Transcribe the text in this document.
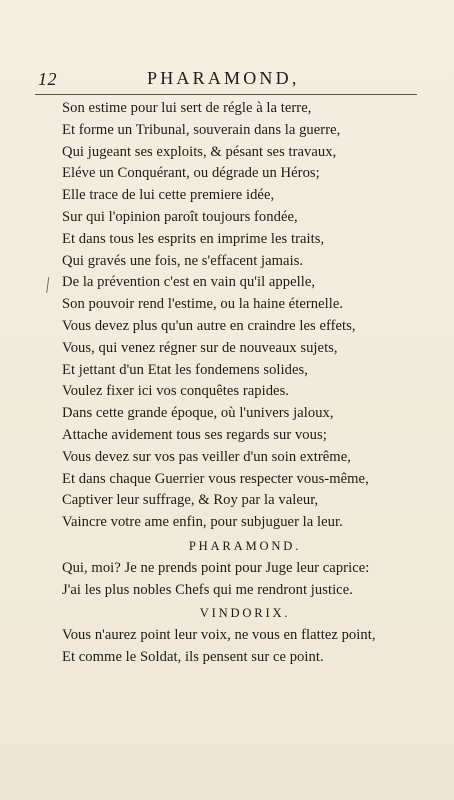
12	PHARAMOND,
╱
Son estime pour lui sert de régle à la terre,
Et forme un Tribunal, souverain dans la guerre,
Qui jugeant ses exploits, & pésant ses travaux,
Eléve un Conquérant, ou dégrade un Héros;
Elle trace de lui cette premiere idée,
Sur qui l'opinion paroît toujours fondée,
Et dans tous les esprits en imprime les traits,
Qui gravés une fois, ne s'effacent jamais.
De la prévention c'est en vain qu'il appelle,
Son pouvoir rend l'estime, ou la haine éternelle.
Vous devez plus qu'un autre en craindre les effets,
Vous, qui venez régner sur de nouveaux sujets,
Et jettant d'un Etat les fondemens solides,
Voulez fixer ici vos conquêtes rapides.
Dans cette grande époque, où l'univers jaloux,
Attache avidement tous ses regards sur vous;
Vous devez sur vos pas veiller d'un soin extrême,
Et dans chaque Guerrier vous respecter vous-même,
Captiver leur suffrage, & Roy par la valeur,
Vaincre votre ame enfin, pour subjuguer la leur.
PHARAMOND.
Qui, moi? Je ne prends point pour Juge leur caprice:
J'ai les plus nobles Chefs qui me rendront justice.
VINDORIX.
Vous n'aurez point leur voix, ne vous en flattez point,
Et comme le Soldat, ils pensent sur ce point.
